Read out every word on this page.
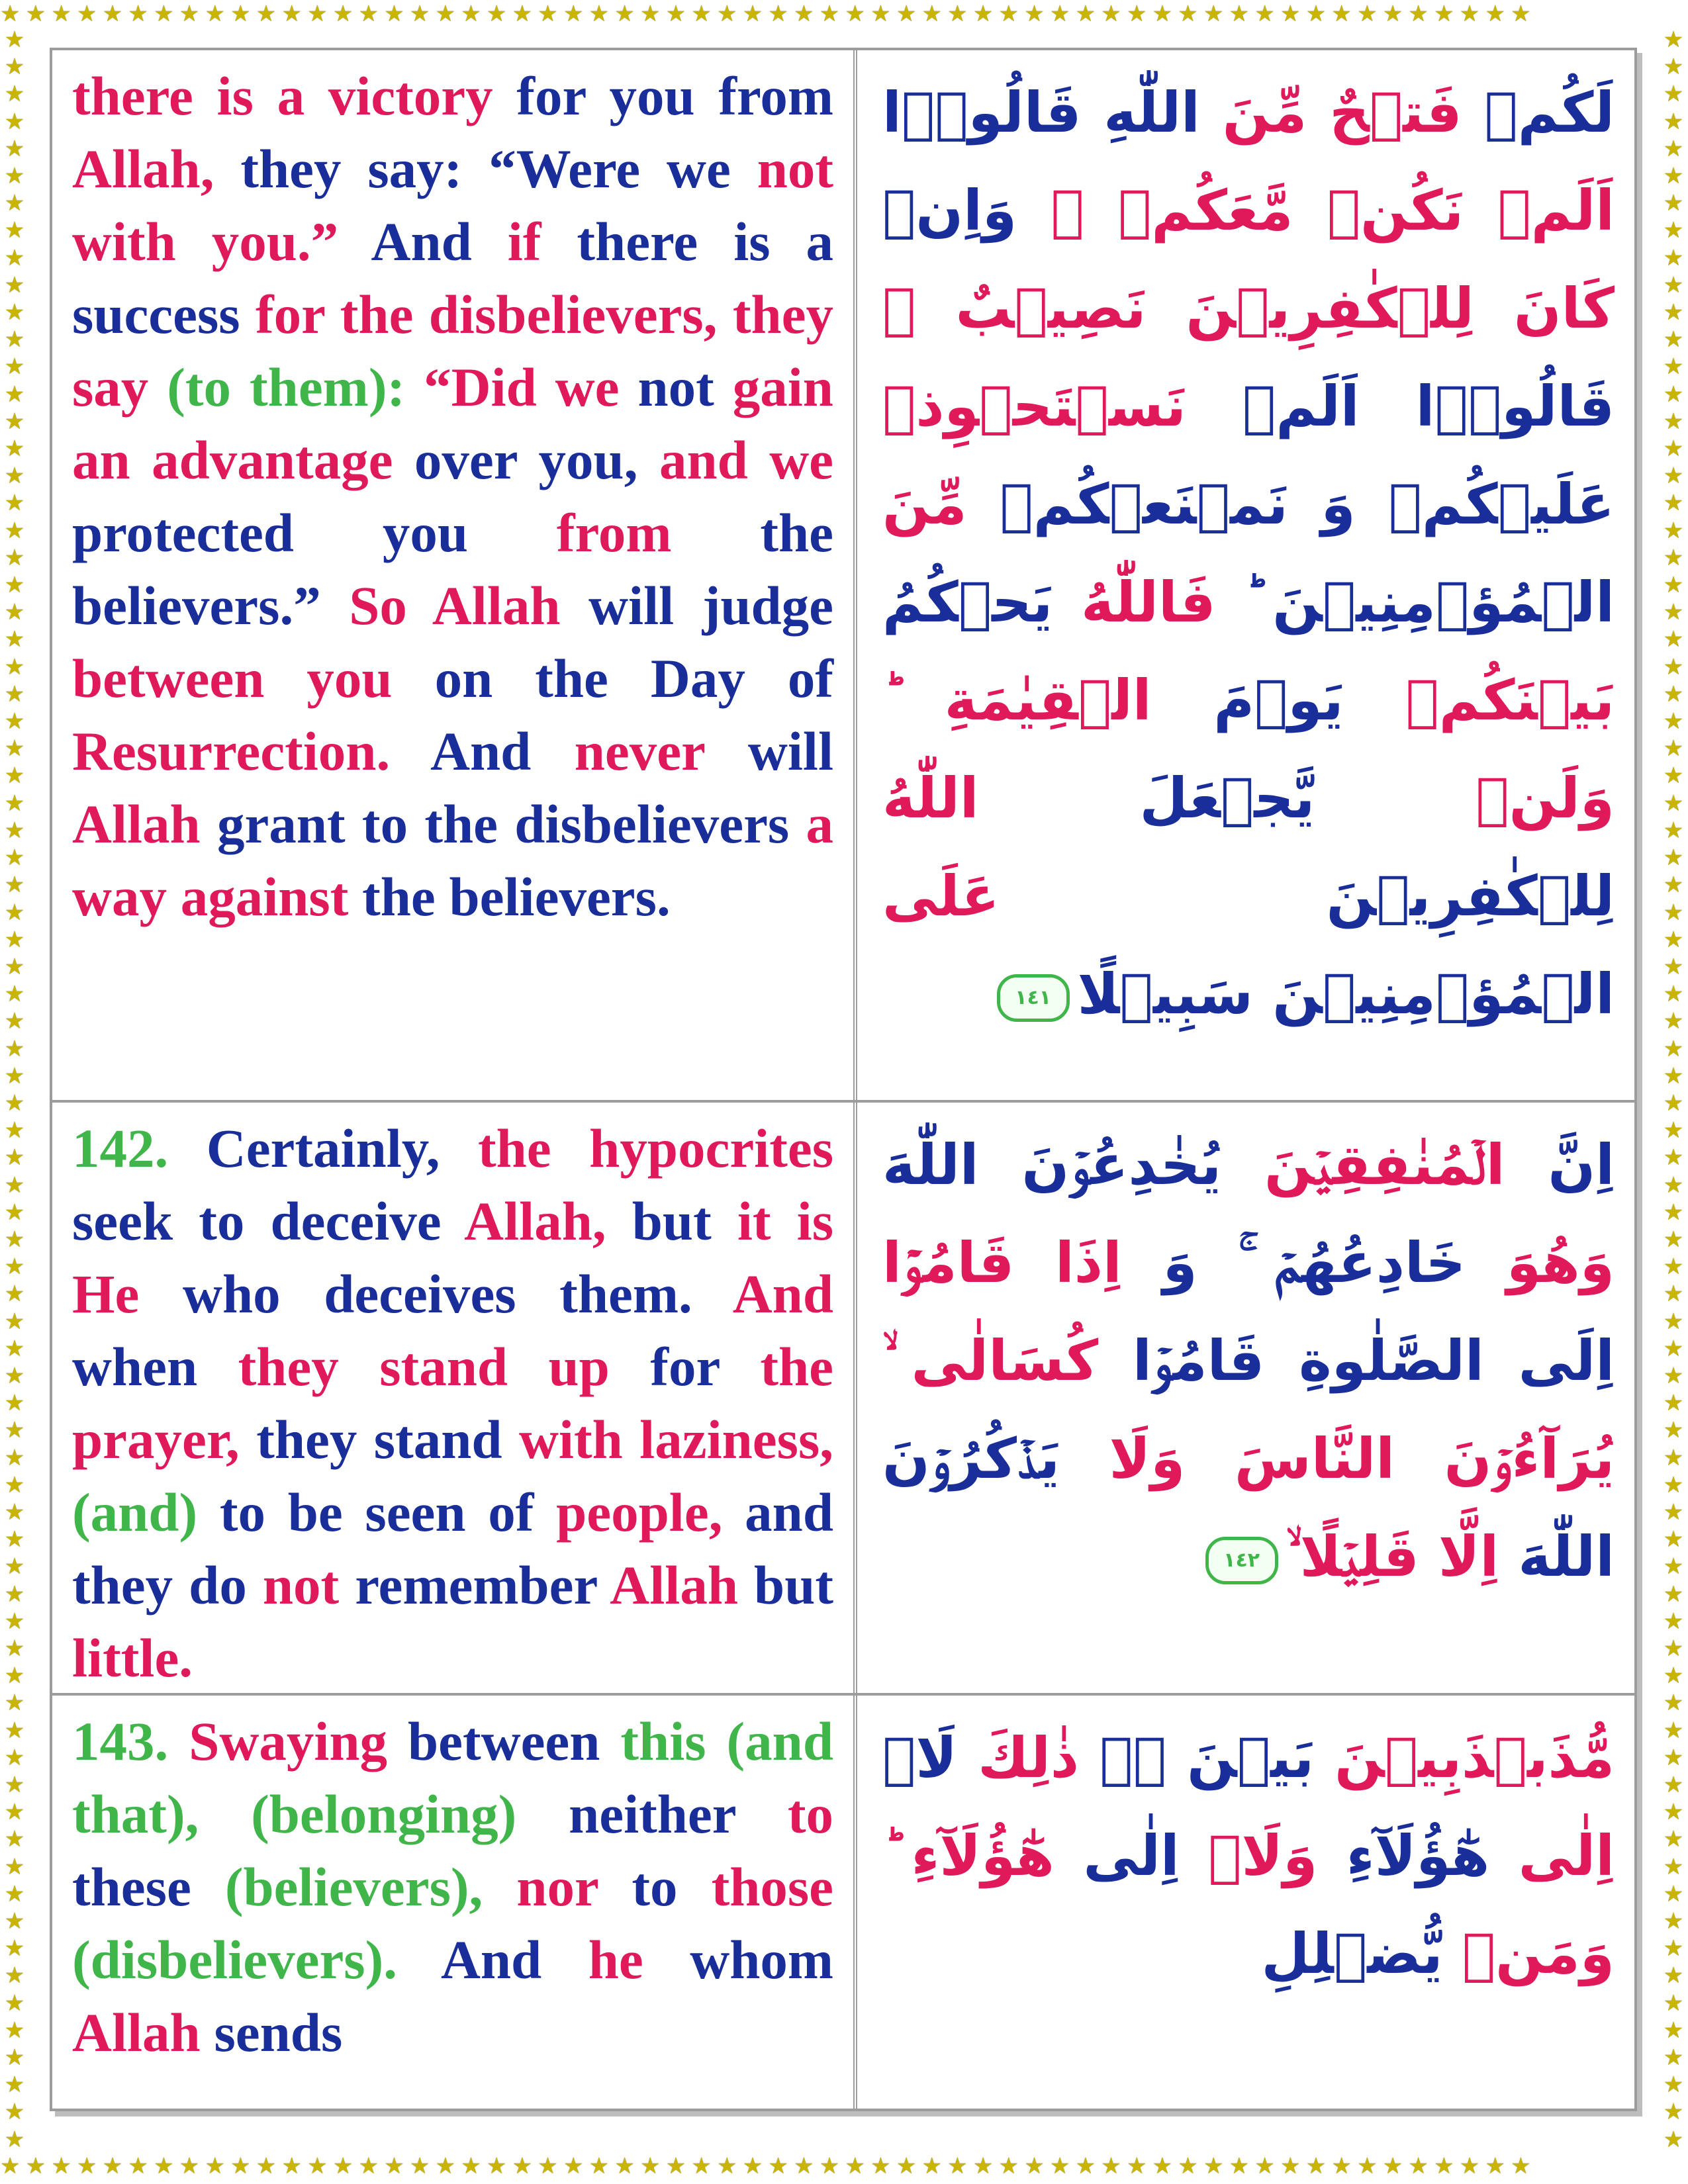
★★★★★★★★★★★★★★★★★★★★★★★★★★★★★★★★★★★★★★★★★★★★★★★★★★★★★★★★★★★★
★★★★★★★★★★★★★★★★★★★★★★★★★★★★★★★★★★★★★★★★★★★★★★★★★★★★★★★★★★★★
★★★★★★★★★★★★★★★★★★★★★★★★★★★★★★★★★★★★★★★★★★★★★★★★★★★★★★★★★★★★★★★★★★★★★★★★★★★★★★
★★★★★★★★★★★★★★★★★★★★★★★★★★★★★★★★★★★★★★★★★★★★★★★★★★★★★★★★★★★★★★★★★★★★★★★★★★★★★★
there is a victory for you from Allah, they say: “Were we not with you.” And if there is a success for the disbelievers, they say (to them): “Did we not gain an advantage over you, and we protected you from the believers.” So Allah will judge between you on the Day of Resurrection. And never will Allah grant to the disbelievers a way against the believers.
لَكُمۡ فَتۡحٌ مِّنَ اللّٰهِ قَالُوۡۤا اَلَمۡ نَكُنۡ مَّعَكُمۡ ۖ وَاِنۡ كَانَ لِلۡكٰفِرِيۡنَ نَصِيۡبٌ ۙ قَالُوۡۤا اَلَمۡ نَسۡتَحۡوِذۡ عَلَيۡكُمۡ وَ نَمۡنَعۡكُمۡ مِّنَ الۡمُؤۡمِنِيۡنَ ؕ فَاللّٰهُ يَحۡكُمُ بَيۡنَكُمۡ يَوۡمَ الۡقِيٰمَةِ ؕ وَلَنۡ يَّجۡعَلَ اللّٰهُ لِلۡكٰفِرِيۡنَ عَلَى الۡمُؤۡمِنِيۡنَ سَبِيۡلًا١٤١
142. Certainly, the hypocrites seek to deceive Allah, but it is He who deceives them. And when they stand up for the prayer, they stand with laziness, (and) to be seen of people, and they do not remember Allah but little.
اِنَّ الۡمُنٰفِقِيۡنَ يُخٰدِعُوۡنَ اللّٰهَ وَهُوَ خَادِعُهُمۡ ۚ وَ اِذَا قَامُوۡۤا اِلَى الصَّلٰوةِ قَامُوۡا كُسَالٰى ۙ يُرَآءُوۡنَ النَّاسَ وَلَا يَذۡكُرُوۡنَ اللّٰهَ اِلَّا قَلِيۡلًا ۙ١٤٢
143. Swaying between this (and that), (belonging) neither to these (believers), nor to those (disbelievers). And he whom Allah sends
مُّذَبۡذَبِيۡنَ بَيۡنَ ۖۗ ذٰلِكَ لَاۤ اِلٰى هٰٓؤُلَآءِ وَلَاۤ اِلٰى هٰٓؤُلَآءِ ؕ وَمَنۡ يُّضۡلِلِ
